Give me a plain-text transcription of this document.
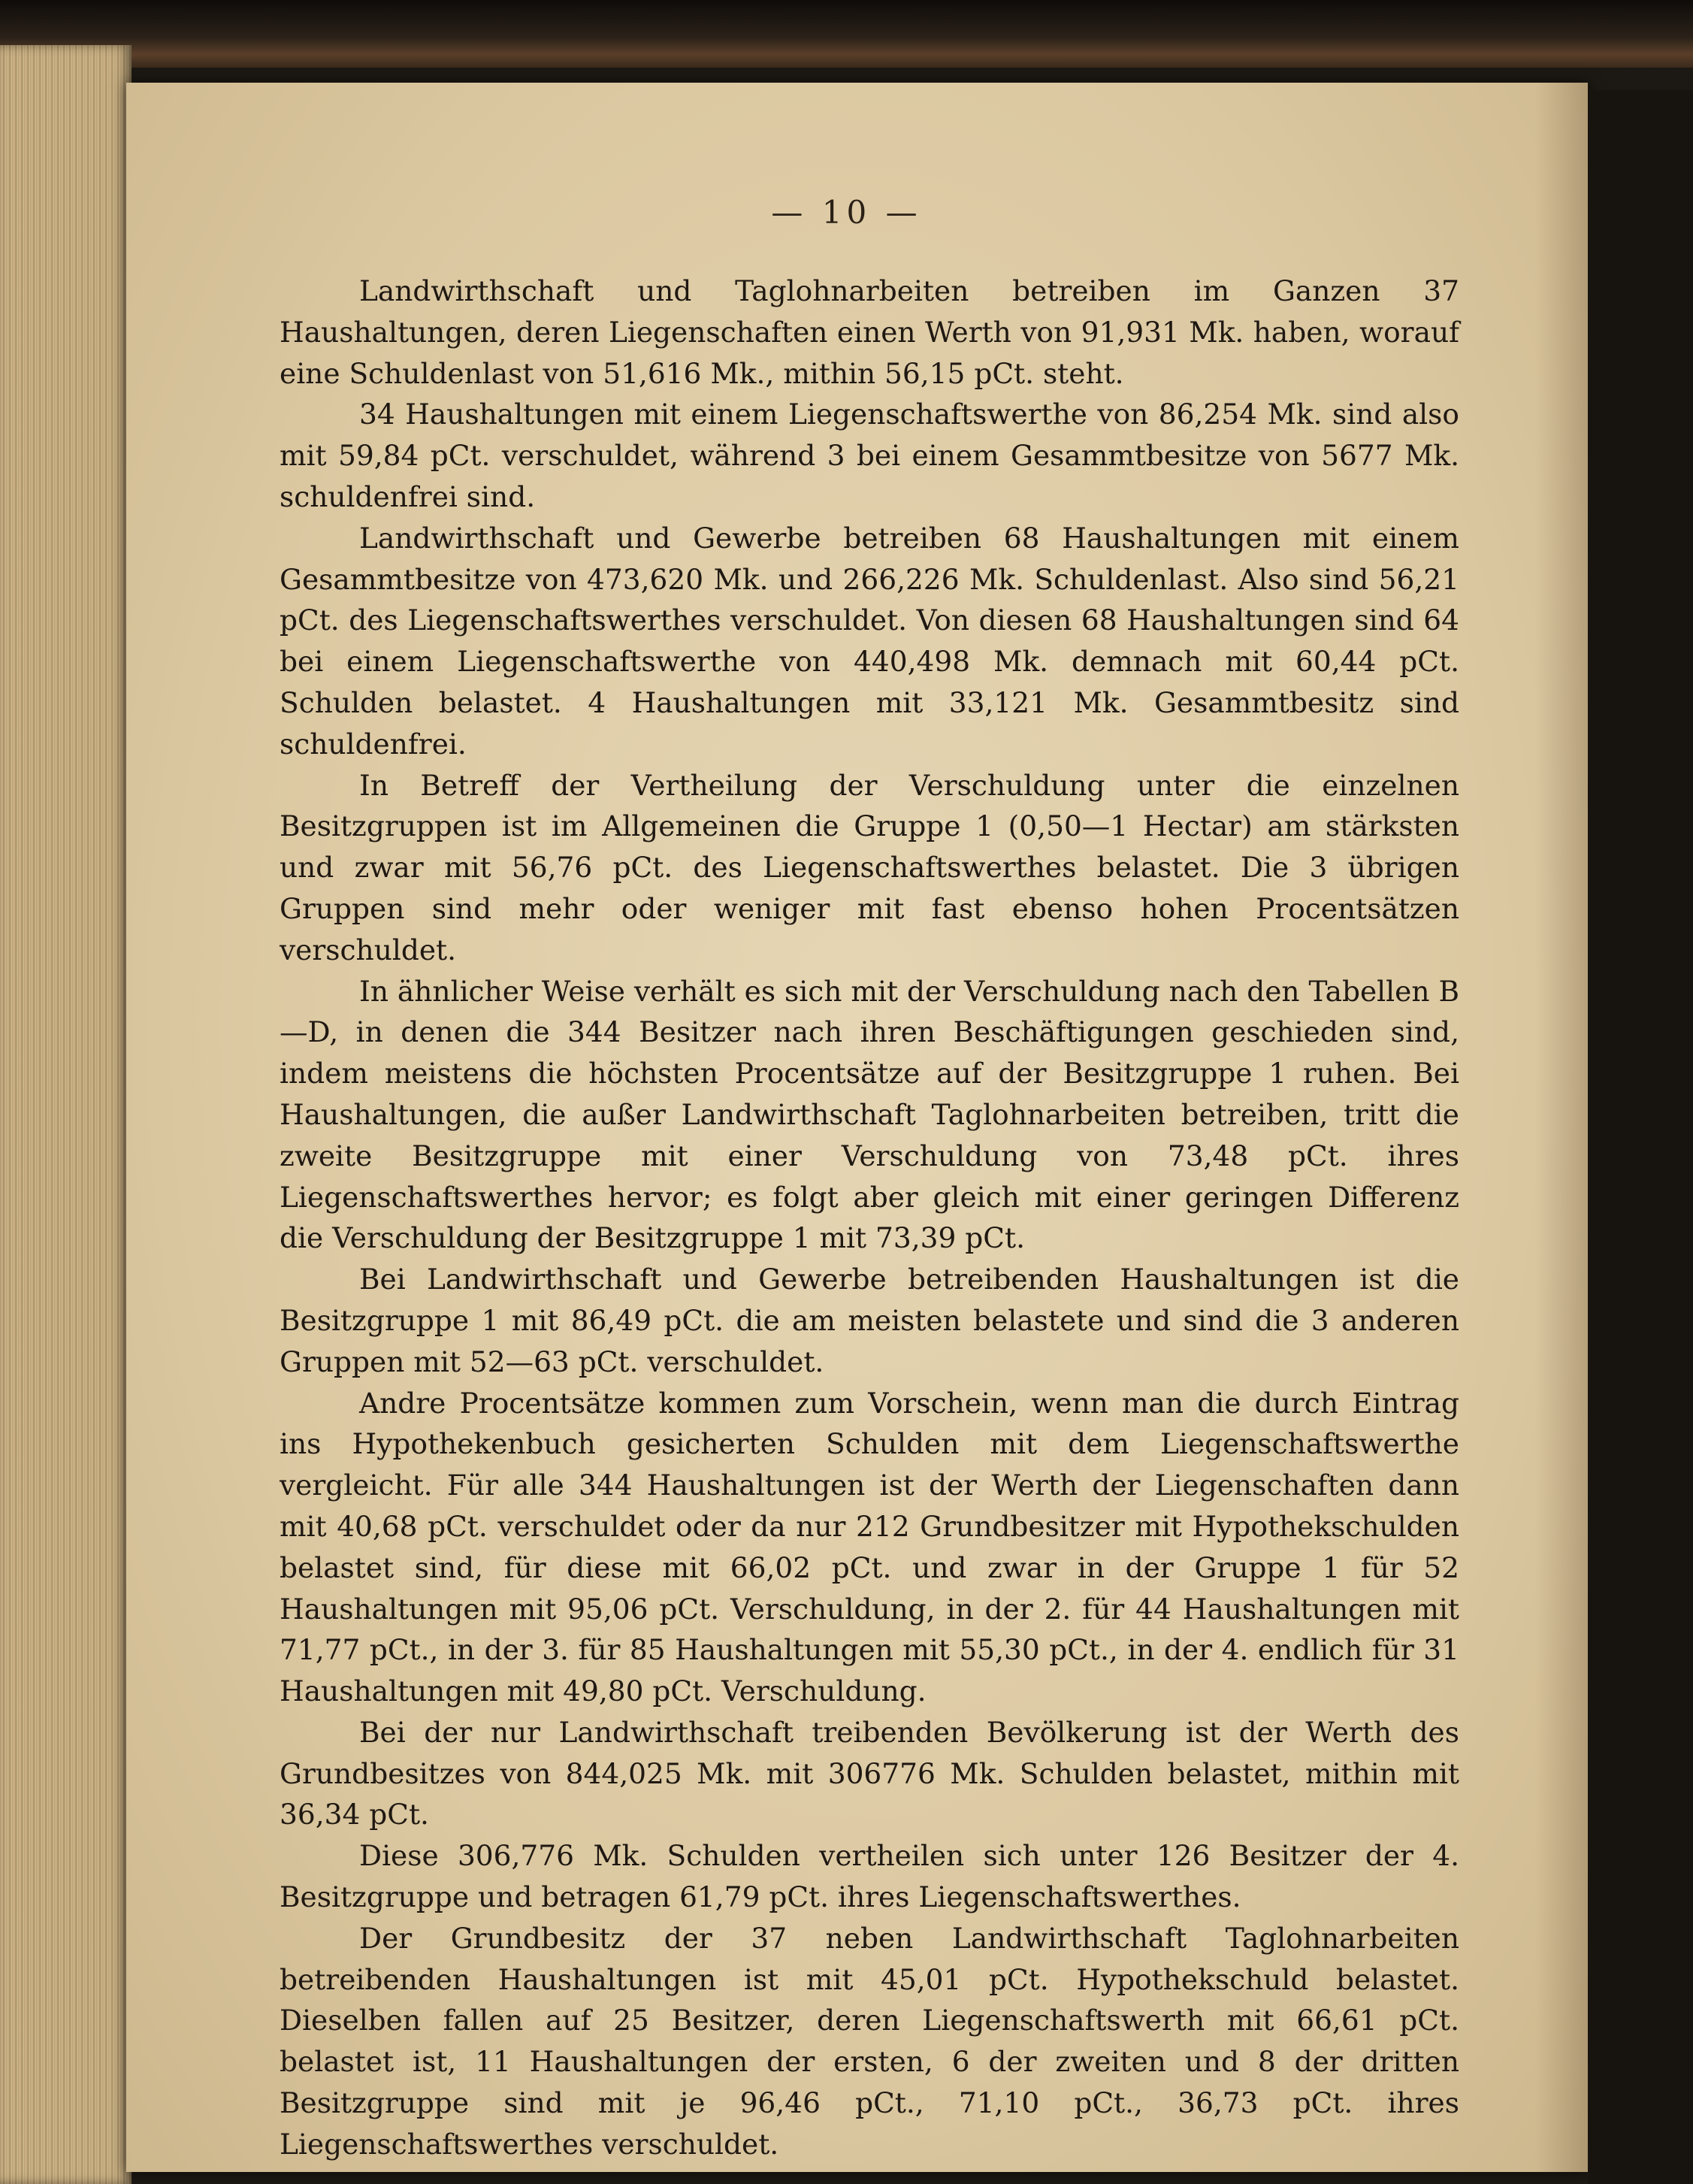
— 10 —

Landwirthschaft und Taglohnarbeiten betreiben im Ganzen 37 Haushaltungen, deren Liegenschaften einen Werth von 91,931 Mk. haben, worauf eine Schuldenlast von 51,616 Mk., mithin 56,15 pCt. steht.

34 Haushaltungen mit einem Liegenschaftswerthe von 86,254 Mk. sind also mit 59,84 pCt. verschuldet, während 3 bei einem Gesammtbesitze von 5677 Mk. schuldenfrei sind.

Landwirthschaft und Gewerbe betreiben 68 Haushaltungen mit einem Gesammtbesitze von 473,620 Mk. und 266,226 Mk. Schuldenlast. Also sind 56,21 pCt. des Liegenschaftswerthes verschuldet. Von diesen 68 Haushaltungen sind 64 bei einem Liegenschaftswerthe von 440,498 Mk. demnach mit 60,44 pCt. Schulden belastet. 4 Haushaltungen mit 33,121 Mk. Gesammtbesitz sind schuldenfrei.

In Betreff der Vertheilung der Verschuldung unter die einzelnen Besitzgruppen ist im Allgemeinen die Gruppe 1 (0,50—1 Hectar) am stärksten und zwar mit 56,76 pCt. des Liegenschaftswerthes belastet. Die 3 übrigen Gruppen sind mehr oder weniger mit fast ebenso hohen Procentsätzen verschuldet.

In ähnlicher Weise verhält es sich mit der Verschuldung nach den Tabellen B—D, in denen die 344 Besitzer nach ihren Beschäftigungen geschieden sind, indem meistens die höchsten Procentsätze auf der Besitzgruppe 1 ruhen. Bei Haushaltungen, die außer Landwirthschaft Taglohnarbeiten betreiben, tritt die zweite Besitzgruppe mit einer Verschuldung von 73,48 pCt. ihres Liegenschaftswerthes hervor; es folgt aber gleich mit einer geringen Differenz die Verschuldung der Besitzgruppe 1 mit 73,39 pCt.

Bei Landwirthschaft und Gewerbe betreibenden Haushaltungen ist die Besitzgruppe 1 mit 86,49 pCt. die am meisten belastete und sind die 3 anderen Gruppen mit 52—63 pCt. verschuldet.

Andre Procentsätze kommen zum Vorschein, wenn man die durch Eintrag ins Hypothekenbuch gesicherten Schulden mit dem Liegenschaftswerthe vergleicht. Für alle 344 Haushaltungen ist der Werth der Liegenschaften dann mit 40,68 pCt. verschuldet oder da nur 212 Grundbesitzer mit Hypothekschulden belastet sind, für diese mit 66,02 pCt. und zwar in der Gruppe 1 für 52 Haushaltungen mit 95,06 pCt. Verschuldung, in der 2. für 44 Haushaltungen mit 71,77 pCt., in der 3. für 85 Haushaltungen mit 55,30 pCt., in der 4. endlich für 31 Haushaltungen mit 49,80 pCt. Verschuldung.

Bei der nur Landwirthschaft treibenden Bevölkerung ist der Werth des Grundbesitzes von 844,025 Mk. mit 306776 Mk. Schulden belastet, mithin mit 36,34 pCt.

Diese 306,776 Mk. Schulden vertheilen sich unter 126 Besitzer der 4. Besitzgruppe und betragen 61,79 pCt. ihres Liegenschaftswerthes.

Der Grundbesitz der 37 neben Landwirthschaft Taglohnarbeiten betreibenden Haushaltungen ist mit 45,01 pCt. Hypothekschuld belastet. Dieselben fallen auf 25 Besitzer, deren Liegenschaftswerth mit 66,61 pCt. belastet ist, 11 Haushaltungen der ersten, 6 der zweiten und 8 der dritten Besitzgruppe sind mit je 96,46 pCt., 71,10 pCt., 36,73 pCt. ihres Liegenschaftswerthes verschuldet.
